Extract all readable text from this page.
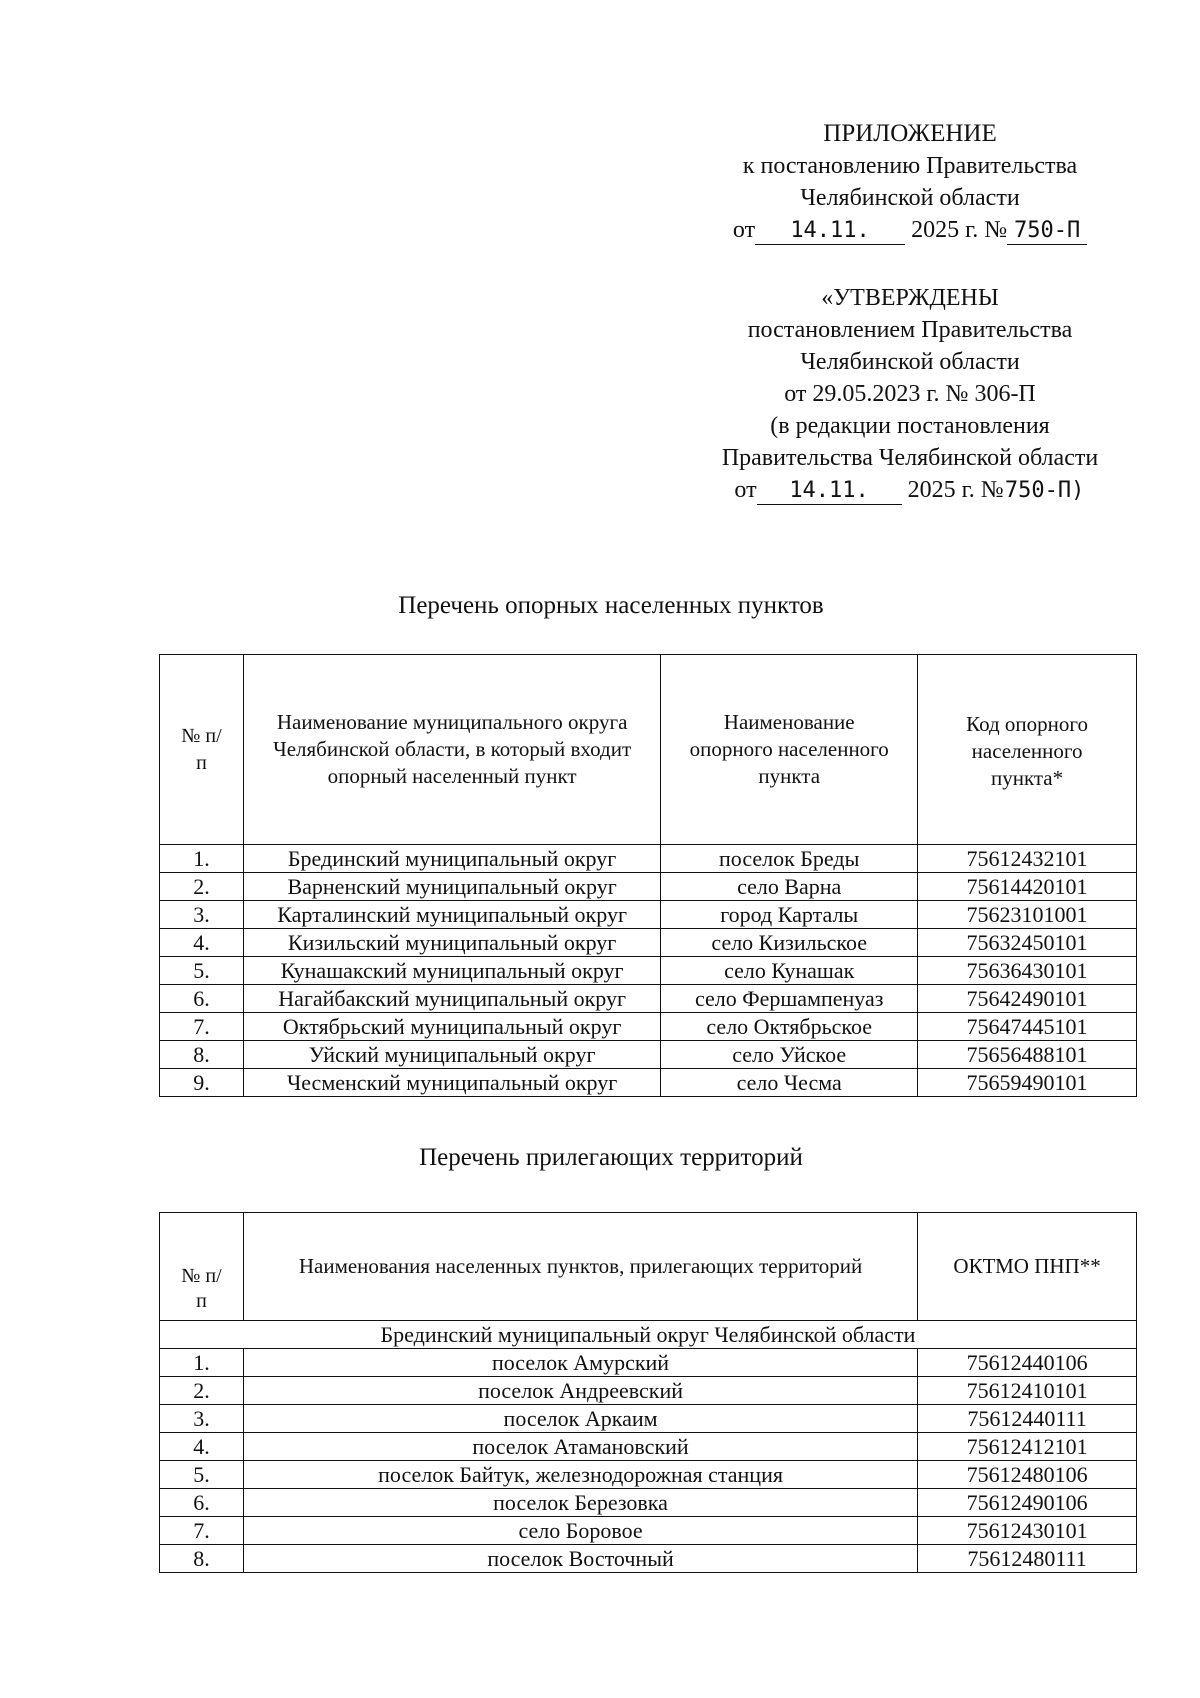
ПРИЛОЖЕНИЕ
к постановлению Правительства
Челябинской области
от 14.11. 2025 г. № 750-П
«УТВЕРЖДЕНЫ
постановлением Правительства
Челябинской области
от 29.05.2023 г. № 306-П
(в редакции постановления
Правительства Челябинской области
от 14.11. 2025 г. №750-П)
Перечень опорных населенных пунктов
№ п/п	Наименование муниципального округа Челябинской области, в который входит опорный населенный пункт	Наименование опорного населенного пункта	Код опорного населенного пункта*
1.	Брединский муниципальный округ	поселок Бреды	75612432101
2.	Варненский муниципальный округ	село Варна	75614420101
3.	Карталинский муниципальный округ	город Карталы	75623101001
4.	Кизильский муниципальный округ	село Кизильское	75632450101
5.	Кунашакский муниципальный округ	село Кунашак	75636430101
6.	Нагайбакский муниципальный округ	село Фершампенуаз	75642490101
7.	Октябрьский муниципальный округ	село Октябрьское	75647445101
8.	Уйский муниципальный округ	село Уйское	75656488101
9.	Чесменский муниципальный округ	село Чесма	75659490101
Перечень прилегающих территорий
№ п/п	Наименования населенных пунктов, прилегающих территорий	ОКТМО ПНП**
Брединский муниципальный округ Челябинской области		
1.	поселок Амурский	75612440106
2.	поселок Андреевский	75612410101
3.	поселок Аркаим	75612440111
4.	поселок Атамановский	75612412101
5.	поселок Байтук, железнодорожная станция	75612480106
6.	поселок Березовка	75612490106
7.	село Боровое	75612430101
8.	поселок Восточный	75612480111
